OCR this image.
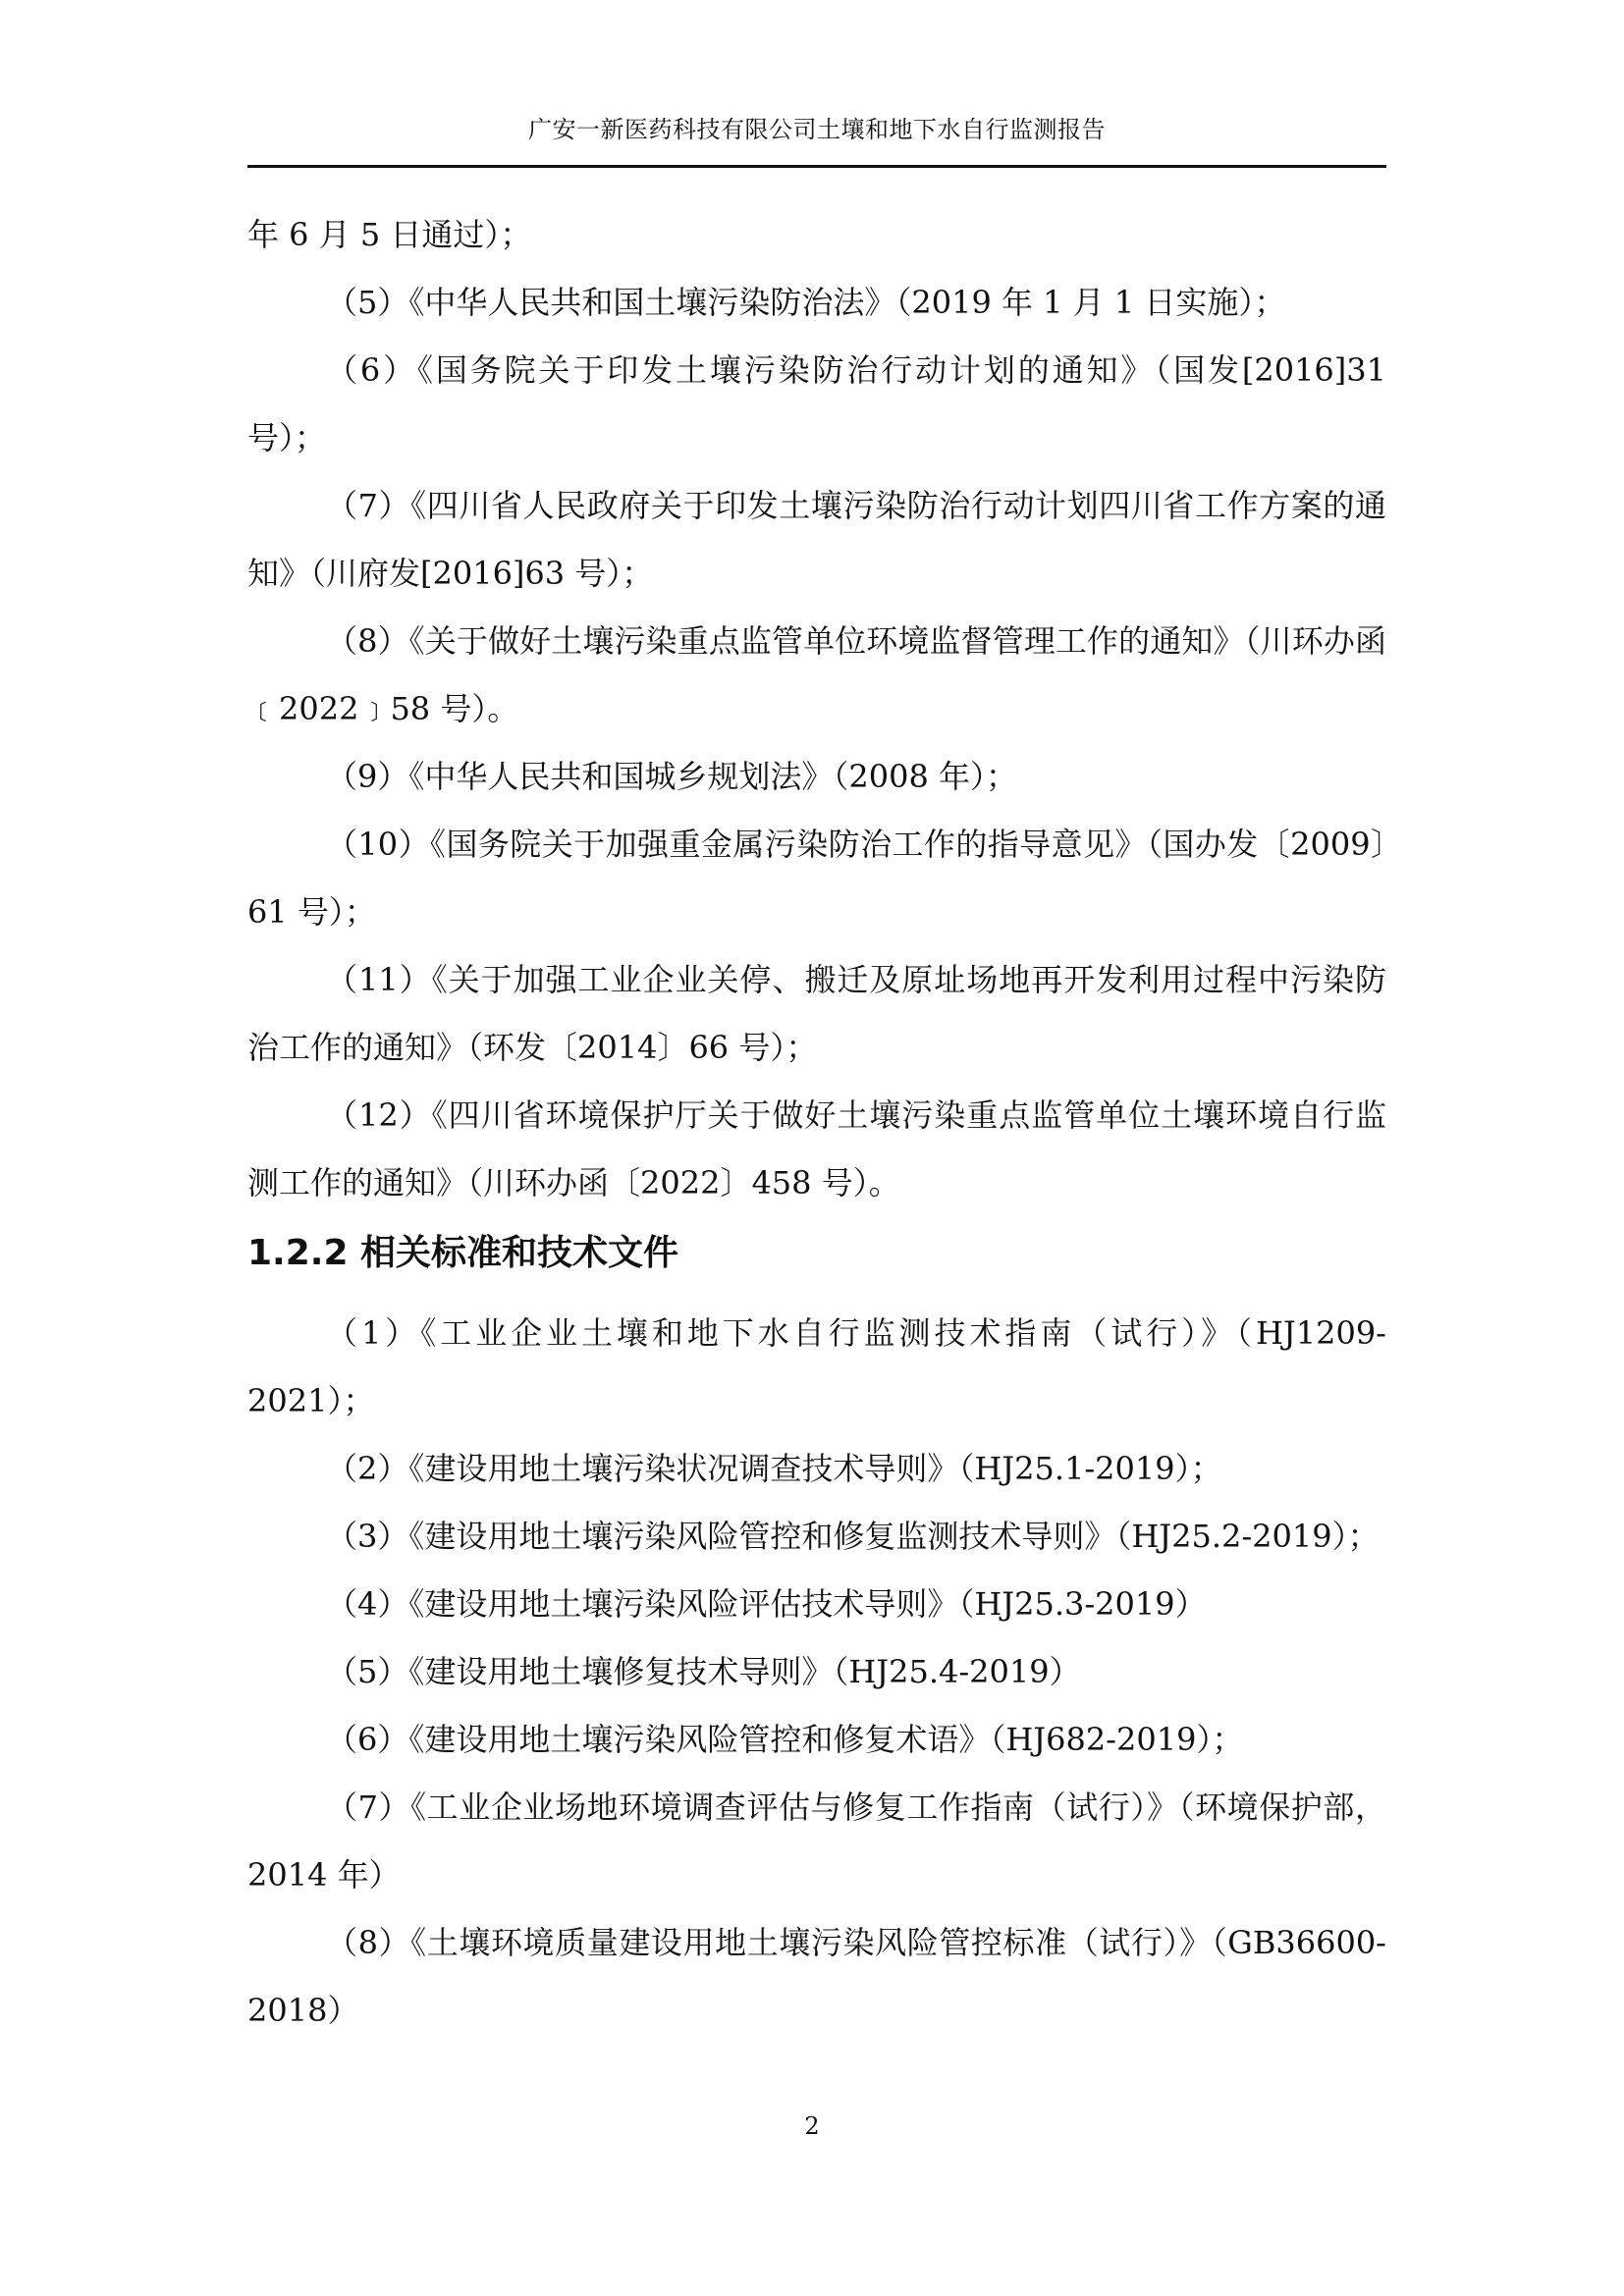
广安一新医药科技有限公司土壤和地下水自行监测报告

年 6 月 5 日通过）；

（5）《中华人民共和国土壤污染防治法》（2019 年 1 月 1 日实施）；

（6）《国务院关于印发土壤污染防治行动计划的通知》（国发[2016]31 号）；

（7）《四川省人民政府关于印发土壤污染防治行动计划四川省工作方案的通知》（川府发[2016]63 号）；

（8）《关于做好土壤污染重点监管单位环境监督管理工作的通知》（川环办函﹝2022﹞58 号）。

（9）《中华人民共和国城乡规划法》（2008 年）；

（10）《国务院关于加强重金属污染防治工作的指导意见》（国办发〔2009〕61 号）；

（11）《关于加强工业企业关停、搬迁及原址场地再开发利用过程中污染防治工作的通知》（环发〔2014〕66 号）；

（12）《四川省环境保护厅关于做好土壤污染重点监管单位土壤环境自行监测工作的通知》（川环办函〔2022〕458 号）。

1.2.2 相关标准和技术文件

（1）《工业企业土壤和地下水自行监测技术指南（试行）》（HJ1209-2021）；

（2）《建设用地土壤污染状况调查技术导则》（HJ25.1-2019）；

（3）《建设用地土壤污染风险管控和修复监测技术导则》（HJ25.2-2019）；

（4）《建设用地土壤污染风险评估技术导则》（HJ25.3-2019）

（5）《建设用地土壤修复技术导则》（HJ25.4-2019）

（6）《建设用地土壤污染风险管控和修复术语》（HJ682-2019）；

（7）《工业企业场地环境调查评估与修复工作指南（试行）》（环境保护部，2014 年）

（8）《土壤环境质量建设用地土壤污染风险管控标准（试行）》（GB36600-2018）

2
